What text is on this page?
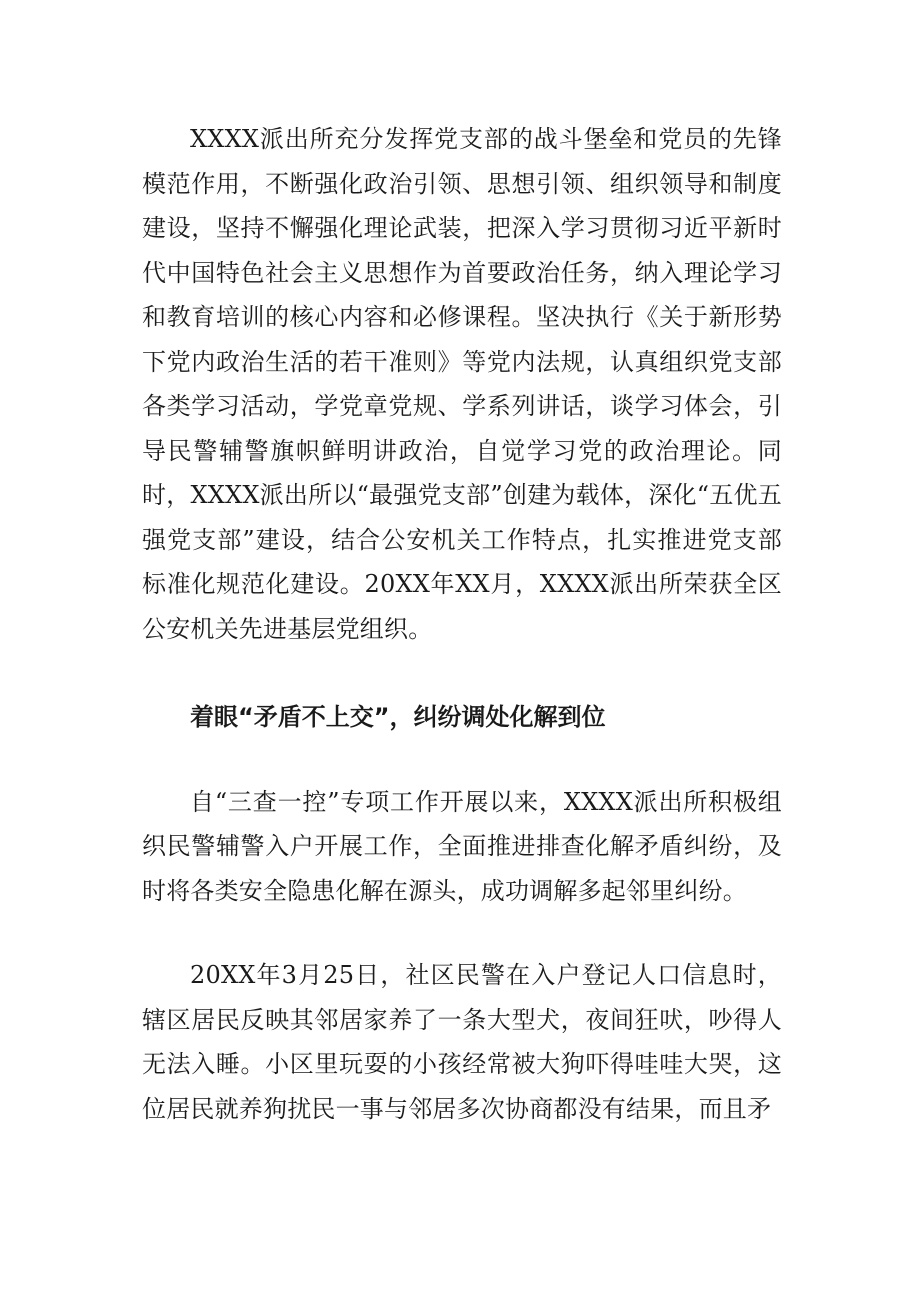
XXXX派出所充分发挥党支部的战斗堡垒和党员的先锋模范作用，不断强化政治引领、思想引领、组织领导和制度建设，坚持不懈强化理论武装，把深入学习贯彻习近平新时代中国特色社会主义思想作为首要政治任务，纳入理论学习和教育培训的核心内容和必修课程。坚决执行《关于新形势下党内政治生活的若干准则》等党内法规，认真组织党支部各类学习活动，学党章党规、学系列讲话，谈学习体会，引导民警辅警旗帜鲜明讲政治，自觉学习党的政治理论。同时，XXXX派出所以“最强党支部”创建为载体，深化“五优五强党支部”建设，结合公安机关工作特点，扎实推进党支部标准化规范化建设。20XX年XX月，XXXX派出所荣获全区公安机关先进基层党组织。

着眼“矛盾不上交”，纠纷调处化解到位

自“三查一控”专项工作开展以来，XXXX派出所积极组织民警辅警入户开展工作，全面推进排查化解矛盾纠纷，及时将各类安全隐患化解在源头，成功调解多起邻里纠纷。

20XX年3月25日，社区民警在入户登记人口信息时，辖区居民反映其邻居家养了一条大型犬，夜间狂吠，吵得人无法入睡。小区里玩耍的小孩经常被大狗吓得哇哇大哭，这位居民就养狗扰民一事与邻居多次协商都没有结果，而且矛
